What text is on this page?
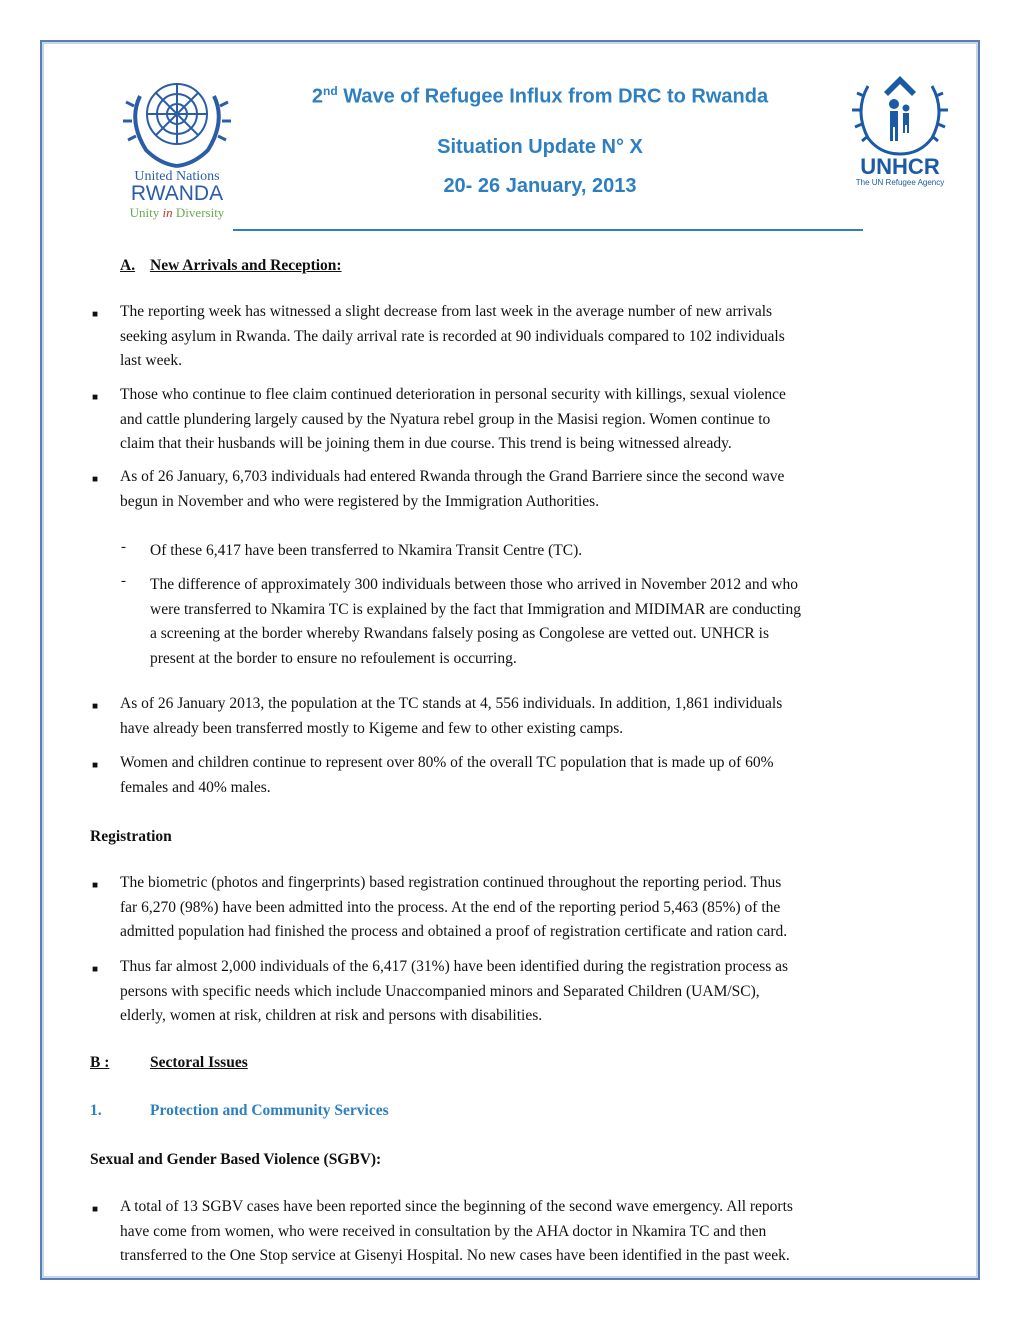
United Nations
RWANDA
Unity in Diversity
UNHCR
The UN Refugee Agency
2nd Wave of Refugee Influx from DRC to Rwanda
Situation Update N° X
20- 26 January, 2013
A. New Arrivals and Reception:
■ The reporting week has witnessed a slight decrease from last week in the average number of new arrivals
seeking asylum in Rwanda. The daily arrival rate is recorded at 90 individuals compared to 102 individuals
last week.
■ Those who continue to flee claim continued deterioration in personal security with killings, sexual violence
and cattle plundering largely caused by the Nyatura rebel group in the Masisi region. Women continue to
claim that their husbands will be joining them in due course. This trend is being witnessed already.
■ As of 26 January, 6,703 individuals had entered Rwanda through the Grand Barriere since the second wave
begun in November and who were registered by the Immigration Authorities.
- Of these 6,417 have been transferred to Nkamira Transit Centre (TC).
- The difference of approximately 300 individuals between those who arrived in November 2012 and who
were transferred to Nkamira TC is explained by the fact that Immigration and MIDIMAR are conducting
a screening at the border whereby Rwandans falsely posing as Congolese are vetted out. UNHCR is
present at the border to ensure no refoulement is occurring.
■ As of 26 January 2013, the population at the TC stands at 4, 556 individuals. In addition, 1,861 individuals
have already been transferred mostly to Kigeme and few to other existing camps.
■ Women and children continue to represent over 80% of the overall TC population that is made up of 60%
females and 40% males.
Registration
■ The biometric (photos and fingerprints) based registration continued throughout the reporting period. Thus
far 6,270 (98%) have been admitted into the process. At the end of the reporting period 5,463 (85%) of the
admitted population had finished the process and obtained a proof of registration certificate and ration card.
■ Thus far almost 2,000 individuals of the 6,417 (31%) have been identified during the registration process as
persons with specific needs which include Unaccompanied minors and Separated Children (UAM/SC),
elderly, women at risk, children at risk and persons with disabilities.
B :	Sectoral Issues
1.	Protection and Community Services
Sexual and Gender Based Violence (SGBV):
■ A total of 13 SGBV cases have been reported since the beginning of the second wave emergency. All reports
have come from women, who were received in consultation by the AHA doctor in Nkamira TC and then
transferred to the One Stop service at Gisenyi Hospital. No new cases have been identified in the past week.
